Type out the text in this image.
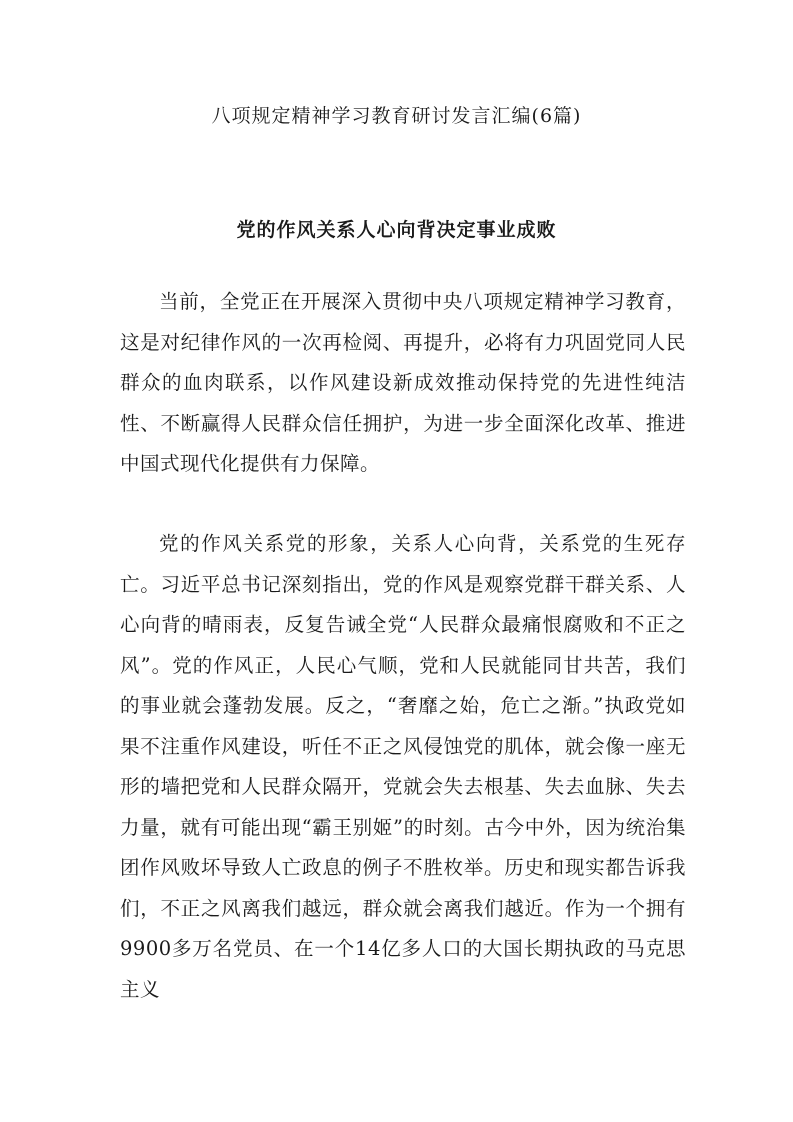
八项规定精神学习教育研讨发言汇编(6篇)
党的作风关系人心向背决定事业成败

当前，全党正在开展深入贯彻中央八项规定精神学习教育，这是对纪律作风的一次再检阅、再提升，必将有力巩固党同人民群众的血肉联系，以作风建设新成效推动保持党的先进性纯洁性、不断赢得人民群众信任拥护，为进一步全面深化改革、推进中国式现代化提供有力保障。

党的作风关系党的形象，关系人心向背，关系党的生死存亡。习近平总书记深刻指出，党的作风是观察党群干群关系、人心向背的晴雨表，反复告诫全党“人民群众最痛恨腐败和不正之风”。党的作风正，人民心气顺，党和人民就能同甘共苦，我们的事业就会蓬勃发展。反之，“奢靡之始，危亡之渐。”执政党如果不注重作风建设，听任不正之风侵蚀党的肌体，就会像一座无形的墙把党和人民群众隔开，党就会失去根基、失去血脉、失去力量，就有可能出现“霸王别姬”的时刻。古今中外，因为统治集团作风败坏导致人亡政息的例子不胜枚举。历史和现实都告诉我们，不正之风离我们越远，群众就会离我们越近。作为一个拥有9900多万名党员、在一个14亿多人口的大国长期执政的马克思主义
